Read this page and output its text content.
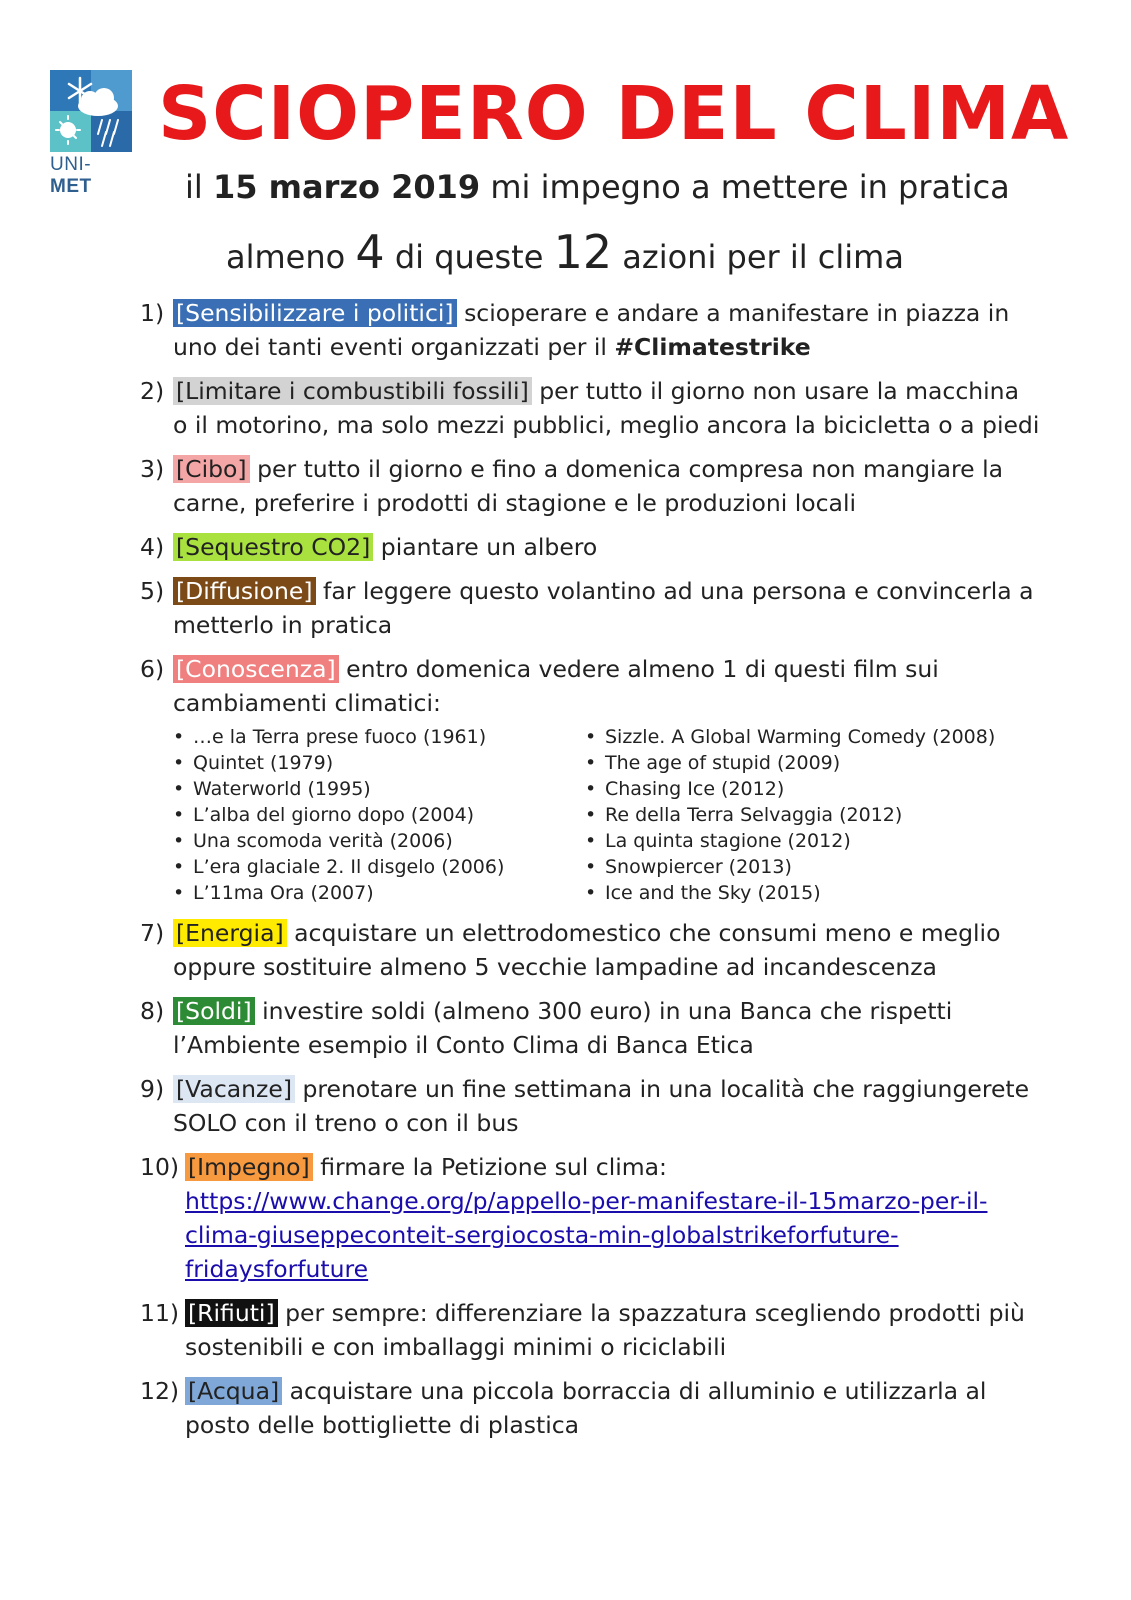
UNI-MET
SCIOPERO DEL CLIMA
il 15 marzo 2019 mi impegno a mettere in pratica
almeno 4 di queste 12 azioni per il clima
1) [Sensibilizzare i politici] scioperare e andare a manifestare in piazza in uno dei tanti eventi organizzati per il #Climatestrike
2) [Limitare i combustibili fossili] per tutto il giorno non usare la macchina o il motorino, ma solo mezzi pubblici, meglio ancora la bicicletta o a piedi
3) [Cibo] per tutto il giorno e fino a domenica compresa non mangiare la carne, preferire i prodotti di stagione e le produzioni locali
4) [Sequestro CO2] piantare un albero
5) [Diffusione] far leggere questo volantino ad una persona e convincerla a metterlo in pratica
6) [Conoscenza] entro domenica vedere almeno 1 di questi film sui cambiamenti climatici:
• …e la Terra prese fuoco (1961)
• Quintet (1979)
• Waterworld (1995)
• L’alba del giorno dopo (2004)
• Una scomoda verità (2006)
• L’era glaciale 2. Il disgelo (2006)
• L’11ma Ora (2007)
• Sizzle. A Global Warming Comedy (2008)
• The age of stupid (2009)
• Chasing Ice (2012)
• Re della Terra Selvaggia (2012)
• La quinta stagione (2012)
• Snowpiercer (2013)
• Ice and the Sky (2015)
7) [Energia] acquistare un elettrodomestico che consumi meno e meglio oppure sostituire almeno 5 vecchie lampadine ad incandescenza
8) [Soldi] investire soldi (almeno 300 euro) in una Banca che rispetti l’Ambiente esempio il Conto Clima di Banca Etica
9) [Vacanze] prenotare un fine settimana in una località che raggiungerete SOLO con il treno o con il bus
10) [Impegno] firmare la Petizione sul clima:
https://www.change.org/p/appello-per-manifestare-il-15marzo-per-il-clima-giuseppeconteit-sergiocosta-min-globalstrikeforfuture-fridaysforfuture
11) [Rifiuti] per sempre: differenziare la spazzatura scegliendo prodotti più sostenibili e con imballaggi minimi o riciclabili
12) [Acqua] acquistare una piccola borraccia di alluminio e utilizzarla al posto delle bottigliette di plastica
